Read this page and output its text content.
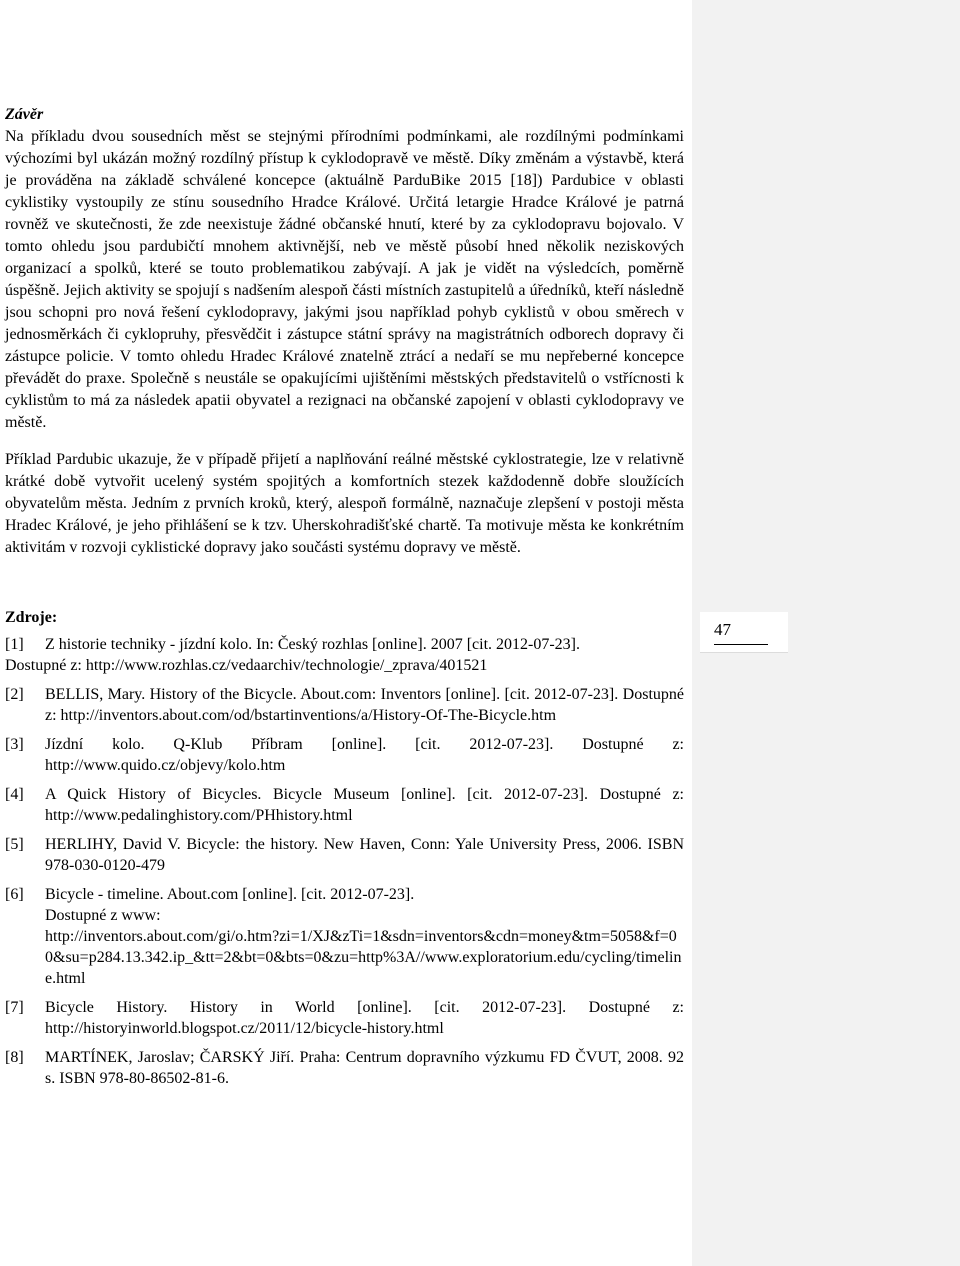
47

Závěr

Na příkladu dvou sousedních měst se stejnými přírodními podmínkami, ale rozdílnými podmínkami výchozími byl ukázán možný rozdílný přístup k cyklodopravě ve městě. Díky změnám a výstavbě, která je prováděna na základě schválené koncepce (aktuálně ParduBike 2015 [18]) Pardubice v oblasti cyklistiky vystoupily ze stínu sousedního Hradce Králové. Určitá letargie Hradce Králové je patrná rovněž ve skutečnosti, že zde neexistuje žádné občanské hnutí, které by za cyklodopravu bojovalo. V tomto ohledu jsou pardubičtí mnohem aktivnější, neb ve městě působí hned několik neziskových organizací a spolků, které se touto problematikou zabývají. A jak je vidět na výsledcích, poměrně úspěšně. Jejich aktivity se spojují s nadšením alespoň části místních zastupitelů a úředníků, kteří následně jsou schopni pro nová řešení cyklodopravy, jakými jsou například pohyb cyklistů v obou směrech v jednosměrkách či cyklopruhy, přesvědčit i zástupce státní správy na magistrátních odborech dopravy či zástupce policie. V tomto ohledu Hradec Králové znatelně ztrácí a nedaří se mu nepřeberné koncepce převádět do praxe. Společně s neustále se opakujícími ujištěními městských představitelů o vstřícnosti k cyklistům to má za následek apatii obyvatel a rezignaci na občanské zapojení v oblasti cyklodopravy ve městě.

Příklad Pardubic ukazuje, že v případě přijetí a naplňování reálné městské cyklostrategie, lze v relativně krátké době vytvořit ucelený systém spojitých a komfortních stezek každodenně dobře sloužících obyvatelům města. Jedním z prvních kroků, který, alespoň formálně, naznačuje zlepšení v postoji města Hradec Králové, je jeho přihlášení se k tzv. Uherskohradišťské chartě. Ta motivuje města ke konkrétním aktivitám v rozvoji cyklistické dopravy jako součásti systému dopravy ve městě.

Zdroje:

[1]	Z historie techniky - jízdní kolo. In: Český rozhlas [online]. 2007 [cit. 2012-07-23].
Dostupné z: http://www.rozhlas.cz/vedaarchiv/technologie/_zprava/401521
[2]	BELLIS, Mary. History of the Bicycle. About.com: Inventors [online]. [cit. 2012-07-23]. Dostupné z: http://inventors.about.com/od/bstartinventions/a/History-Of-The-Bicycle.htm
[3]	Jízdní kolo. Q-Klub Příbram [online]. [cit. 2012-07-23]. Dostupné z: http://www.quido.cz/objevy/kolo.htm
[4]	A Quick History of Bicycles. Bicycle Museum [online]. [cit. 2012-07-23]. Dostupné z: http://www.pedalinghistory.com/PHhistory.html
[5]	HERLIHY, David V. Bicycle: the history. New Haven, Conn: Yale University Press, 2006. ISBN 978-030-0120-479
[6]	Bicycle - timeline. About.com [online]. [cit. 2012-07-23].
Dostupné z www:
http://inventors.about.com/gi/o.htm?zi=1/XJ&zTi=1&sdn=inventors&cdn=money&tm=5058&f=00&su=p284.13.342.ip_&tt=2&bt=0&bts=0&zu=http%3A//www.exploratorium.edu/cycling/timeline.html
[7]	Bicycle History. History in World [online]. [cit. 2012-07-23]. Dostupné z: http://historyinworld.blogspot.cz/2011/12/bicycle-history.html
[8]	MARTÍNEK, Jaroslav; ČARSKÝ Jiří. Praha: Centrum dopravního výzkumu FD ČVUT, 2008. 92 s. ISBN 978-80-86502-81-6.
